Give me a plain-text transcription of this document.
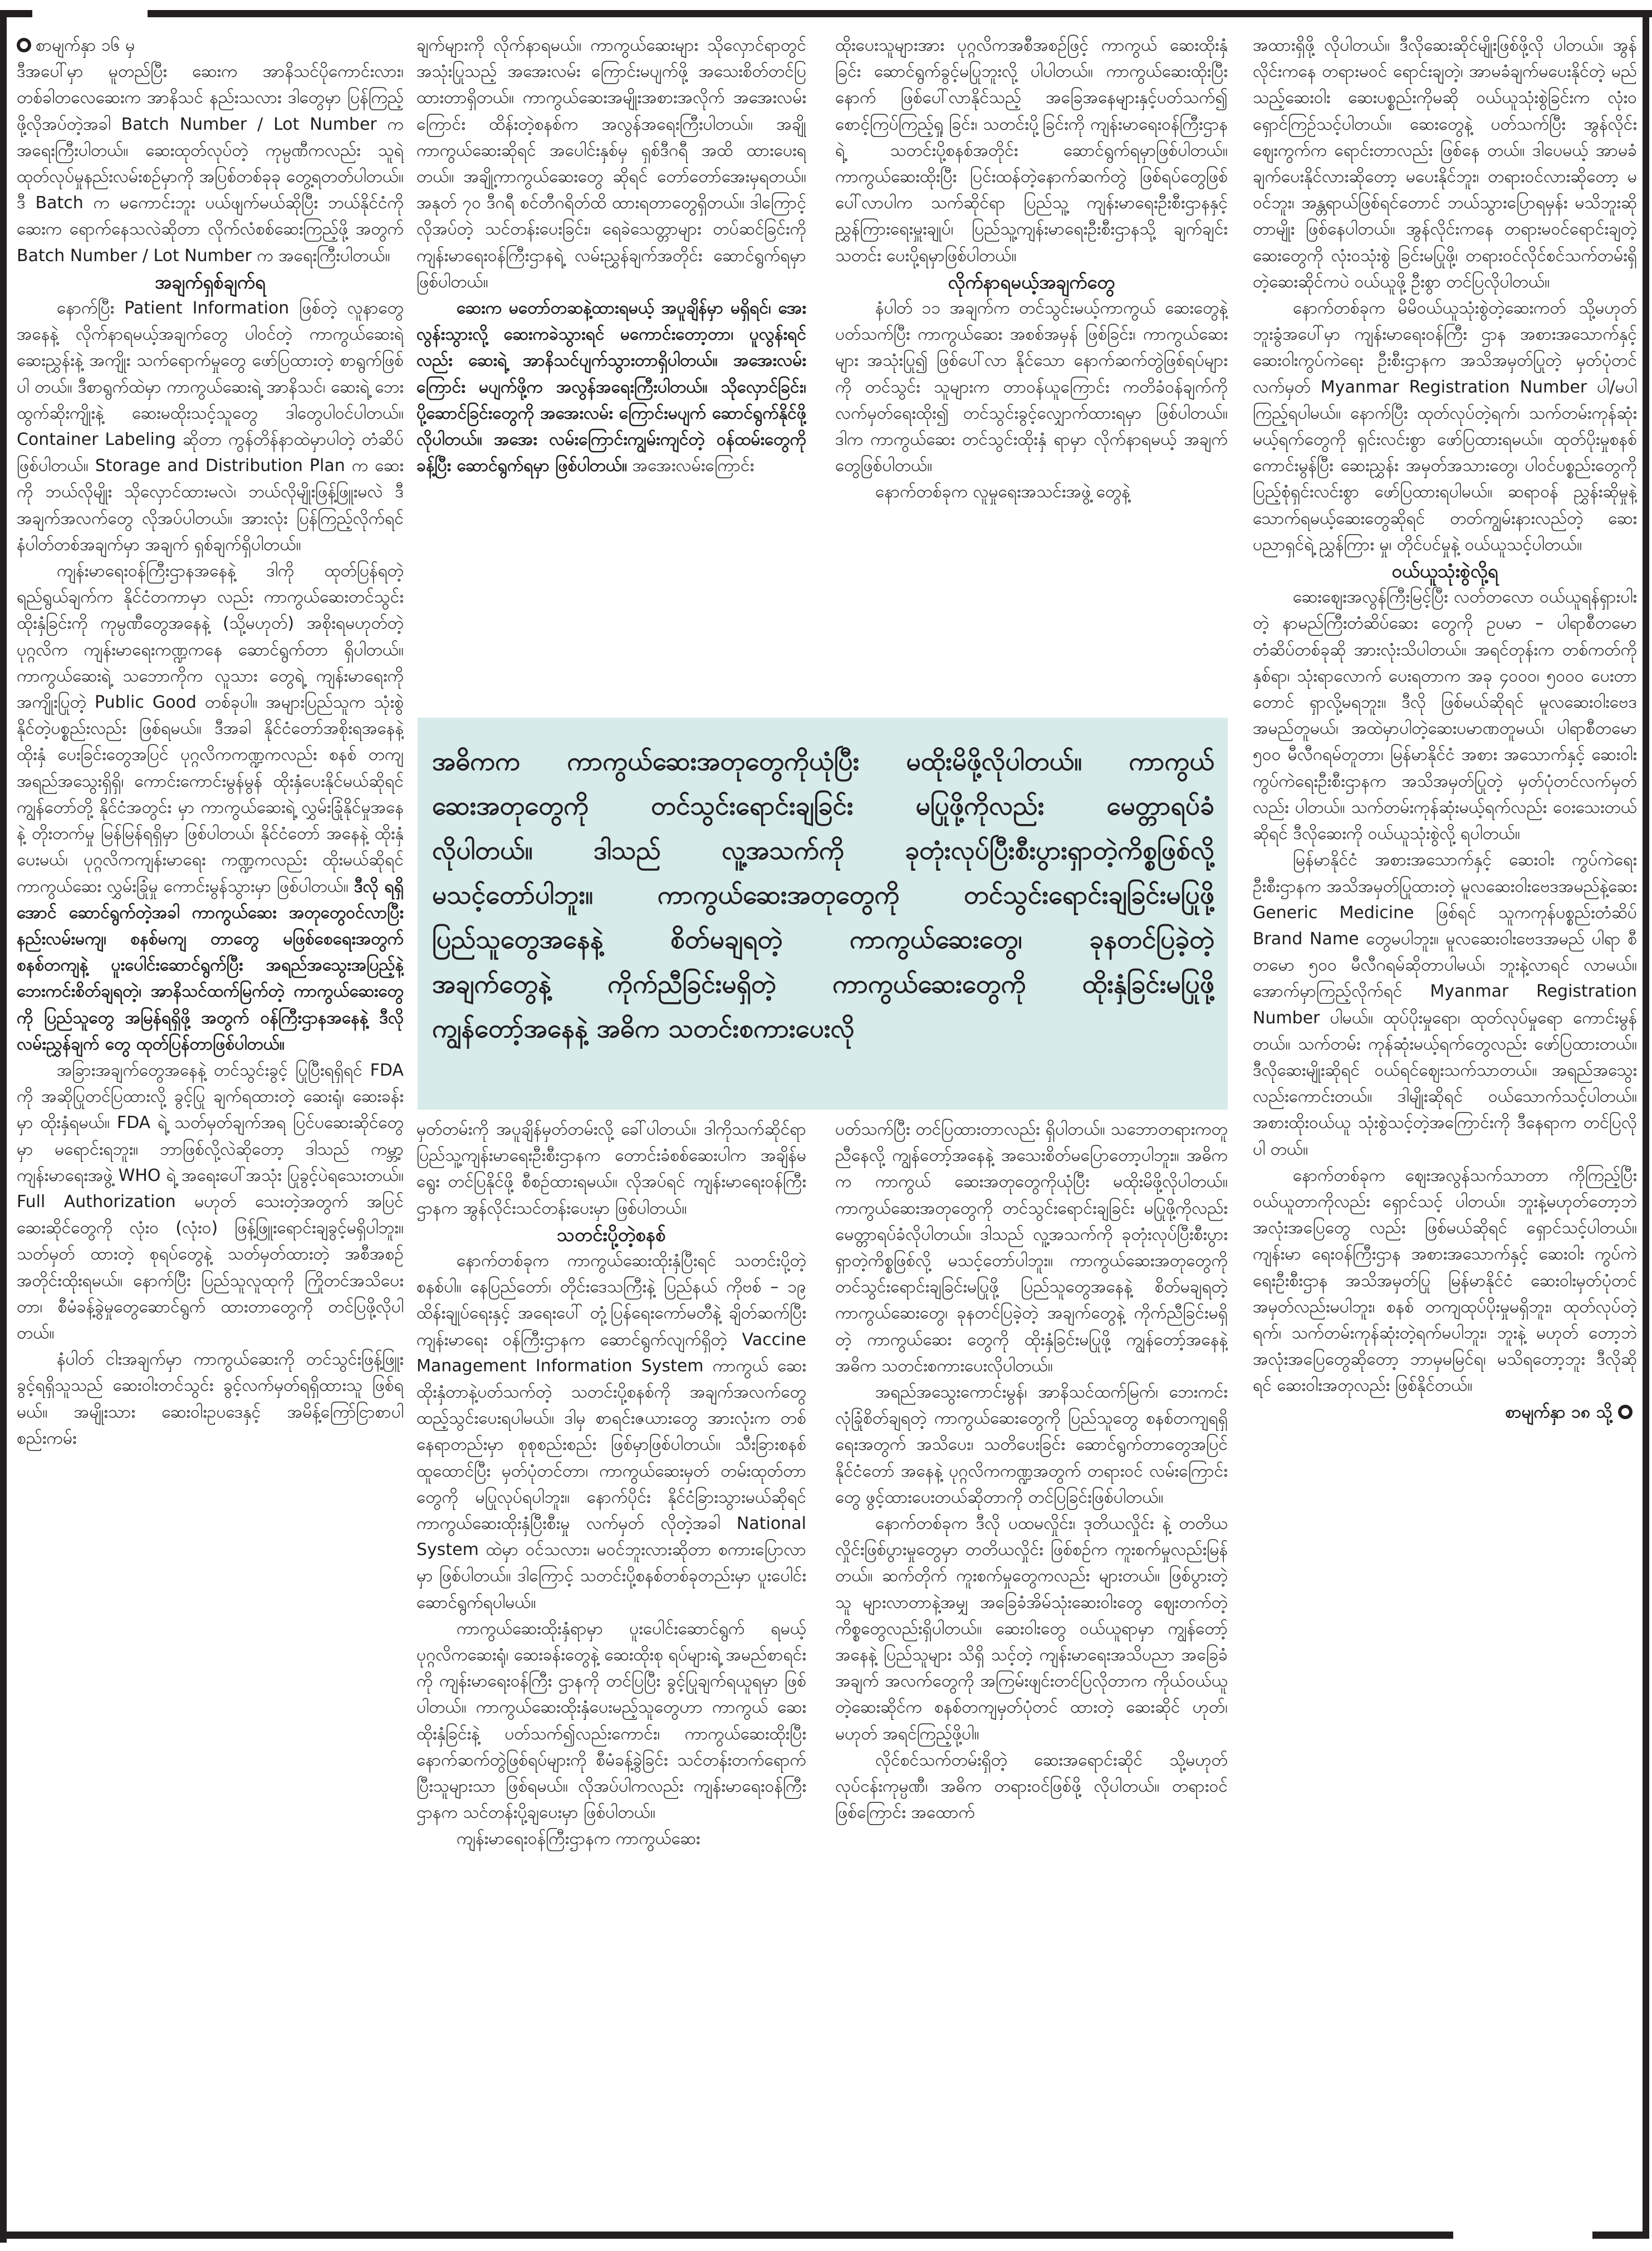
စာမျက်နှာ ၁၆ မှ

ဒီအပေါ်မှာ မူတည်ပြီး ဆေးက အာနိသင်ပိုကောင်းလား၊ တစ်ခါတလေဆေးက အာနိသင် နည်းသလား ဒါတွေမှာ ပြန်ကြည့်ဖို့လိုအပ်တဲ့အခါ Batch Number / Lot Number က အရေးကြီးပါတယ်။ ဆေးထုတ်လုပ်တဲ့ ကုမ္ပဏီကလည်း သူရဲ့ ထုတ်လုပ်မှုနည်းလမ်းစဉ်မှာကို အပြစ်တစ်ခုခု တွေ့ရတတ်ပါတယ်။ ဒီ Batch က မကောင်းဘူး ပယ်ဖျက်မယ်ဆိုပြီး ဘယ်နိုင်ငံကို ဆေးက ရောက်နေသလဲဆိုတာ လိုက်လံစစ်ဆေးကြည့်ဖို့ အတွက် Batch Number / Lot Number က အရေးကြီးပါတယ်။

အချက်ရှစ်ချက်ရ

နောက်ပြီး Patient Information ဖြစ်တဲ့ လူနာတွေအနေနဲ့ လိုက်နာရမယ့်အချက်တွေ ပါဝင်တဲ့ ကာကွယ်ဆေးရဲ့ ဆေးညွှန်းနဲ့ အကျိုး သက်ရောက်မှုတွေ ဖော်ပြထားတဲ့ စာရွက်ဖြစ်ပါ တယ်။ ဒီစာရွက်ထဲမှာ ကာကွယ်ဆေးရဲ့ အာနိသင်၊ ဆေးရဲ့ ဘေးထွက်ဆိုးကျိုးနဲ့ ဆေးမထိုးသင့်သူတွေ ဒါတွေပါဝင်ပါတယ်။ Container Labeling ဆိုတာ ကွန်တိန်နာထဲမှာပါတဲ့ တံဆိပ်ဖြစ်ပါတယ်။ Storage and Distribution Plan က ဆေးကို ဘယ်လိုမျိုး သိုလှောင်ထားမလဲ၊ ဘယ်လိုမျိုးဖြန့်ဖြူးမလဲ ဒီအချက်အလက်တွေ လိုအပ်ပါတယ်။ အားလုံး ပြန်ကြည့်လိုက်ရင် နံပါတ်တစ်အချက်မှာ အချက် ရှစ်ချက်ရှိပါတယ်။

ကျန်းမာရေးဝန်ကြီးဌာနအနေနဲ့ ဒါကို ထုတ်ပြန်ရတဲ့ရည်ရွယ်ချက်က နိုင်ငံတကာမှာ လည်း ကာကွယ်ဆေးတင်သွင်း ထိုးနှံခြင်းကို ကုမ္ပဏီတွေအနေနဲ့ (သို့မဟုတ်) အစိုးရမဟုတ်တဲ့ ပုဂ္ဂလိက ကျန်းမာရေးကဏ္ဍကနေ ဆောင်ရွက်တာ ရှိပါတယ်။ ကာကွယ်ဆေးရဲ့ သဘောကိုက လူသား တွေရဲ့ ကျန်းမာရေးကို အကျိုးပြုတဲ့ Public Good တစ်ခုပါ။ အများပြည်သူက သုံးစွဲနိုင်တဲ့ပစ္စည်းလည်း ဖြစ်ရမယ်။ ဒီအခါ နိုင်ငံတော်အစိုးရအနေနဲ့ ထိုးနှံ ပေးခြင်းတွေအပြင် ပုဂ္ဂလိကကဏ္ဍကလည်း စနစ် တကျ အရည်အသွေးရှိရှိ၊ ကောင်းကောင်းမွန်မွန် ထိုးနှံပေးနိုင်မယ်ဆိုရင် ကျွန်တော်တို့ နိုင်ငံအတွင်း မှာ ကာကွယ်ဆေးရဲ့ လွှမ်းခြုံနိုင်မှုအနေနဲ့ တိုးတက်မှု မြန်မြန်ရရှိမှာ ဖြစ်ပါတယ်၊ နိုင်ငံတော် အနေနဲ့ ထိုးနှံပေးမယ်၊ ပုဂ္ဂလိကကျန်းမာရေး ကဏ္ဍကလည်း ထိုးမယ်ဆိုရင် ကာကွယ်ဆေး လွှမ်းခြုံမှု ကောင်းမွန်သွားမှာ ဖြစ်ပါတယ်။ ဒီလို ရရှိအောင် ဆောင်ရွက်တဲ့အခါ ကာကွယ်ဆေး အတုတွေဝင်လာပြီး နည်းလမ်းမကျ၊ စနစ်မကျ တာတွေ မဖြစ်စေရေးအတွက် စနစ်တကျနဲ့ ပူးပေါင်းဆောင်ရွက်ပြီး အရည်အသွေးအပြည့်နဲ့ ဘေးကင်းစိတ်ချရတဲ့၊ အာနိသင်ထက်မြက်တဲ့ ကာကွယ်ဆေးတွေကို ပြည်သူတွေ အမြန်ရရှိဖို့ အတွက် ဝန်ကြီးဌာနအနေနဲ့ ဒီလိုလမ်းညွှန်ချက် တွေ ထုတ်ပြန်တာဖြစ်ပါတယ်။

အခြားအချက်တွေအနေနဲ့ တင်သွင်းခွင့် ပြုပြီးရရှိရင် FDA ကို အဆိုပြုတင်ပြထားလို့ ခွင့်ပြု ချက်ရထားတဲ့ ဆေးရုံ၊ ဆေးခန်းမှာ ထိုးနှံရမယ်။ FDA ရဲ့ သတ်မှတ်ချက်အရ ပြင်ပဆေးဆိုင်တွေမှာ မရောင်းရဘူး။ ဘာဖြစ်လို့လဲဆိုတော့ ဒါသည် ကမ္ဘာ့ကျန်းမာရေးအဖွဲ့ WHO ရဲ့ အရေးပေါ်အသုံး ပြုခွင့်ပဲရသေးတယ်။ Full Authorization မဟုတ် သေးတဲ့အတွက် အပြင်ဆေးဆိုင်တွေကို လုံးဝ (လုံးဝ) ဖြန့်ဖြူးရောင်းချခွင့်မရှိပါဘူး။ သတ်မှတ် ထားတဲ့ စုရပ်တွေနဲ့ သတ်မှတ်ထားတဲ့ အစီအစဉ် အတိုင်းထိုးရမယ်။ နောက်ပြီး ပြည်သူလူထုကို ကြိုတင်အသိပေးတာ၊ စီမံခန့်ခွဲမှုတွေဆောင်ရွက် ထားတာတွေကို တင်ပြဖို့လိုပါတယ်။

နံပါတ် ငါးအချက်မှာ ကာကွယ်ဆေးကို တင်သွင်းဖြန့်ဖြူးခွင့်ရရှိသူသည် ဆေးဝါးတင်သွင်း ခွင့်လက်မှတ်ရရှိထားသူ ဖြစ်ရမယ်။ အမျိုးသား ဆေးဝါးဥပဒေနှင့် အမိန့်ကြော်ငြာစာပါ စည်းကမ်း

ချက်များကို လိုက်နာရမယ်။ ကာကွယ်ဆေးများ သိုလှောင်ရာတွင် အသုံးပြုသည့် အအေးလမ်း ကြောင်းမပျက်ဖို့ အသေးစိတ်တင်ပြထားတာရှိတယ်။ ကာကွယ်ဆေးအမျိုးအစားအလိုက် အအေးလမ်း ကြောင်း ထိန်းတဲ့စနစ်က အလွန်အရေးကြီးပါတယ်။ အချို့ ကာကွယ်ဆေးဆိုရင် အပေါင်းနှစ်မှ ရှစ်ဒီဂရီ အထိ ထားပေးရတယ်။ အချို့ကာကွယ်ဆေးတွေ ဆိုရင် တော်တော်အေးမှရတယ်။ အနုတ် ၇၀ ဒီဂရီ စင်တီဂရိတ်ထိ ထားရတာတွေရှိတယ်။ ဒါကြောင့် လိုအပ်တဲ့ သင်တန်းပေးခြင်း၊ ရေခဲသေတ္တာများ တပ်ဆင်ခြင်းကို ကျန်းမာရေးဝန်ကြီးဌာနရဲ့ လမ်းညွှန်ချက်အတိုင်း ဆောင်ရွက်ရမှာဖြစ်ပါတယ်။

ဆေးက မတော်တဆနဲ့ထားရမယ့် အပူချိန်မှာ မရှိရင်၊ အေးလွန်းသွားလို့ ဆေးကခဲသွားရင် မကောင်းတော့တာ၊ ပူလွန်းရင်လည်း ဆေးရဲ့ အာနိသင်ပျက်သွားတာရှိပါတယ်။ အအေးလမ်း ကြောင်း မပျက်ဖို့က အလွန်အရေးကြီးပါတယ်။ သိုလှောင်ခြင်း၊ ပို့ဆောင်ခြင်းတွေကို အအေးလမ်း ကြောင်းမပျက် ဆောင်ရွက်နိုင်ဖို့လိုပါတယ်။ အအေး လမ်းကြောင်းကျွမ်းကျင်တဲ့ ဝန်ထမ်းတွေကို ခန့်ပြီး ဆောင်ရွက်ရမှာ ဖြစ်ပါတယ်။ အအေးလမ်းကြောင်း

ထိုးပေးသူများအား ပုဂ္ဂလိကအစီအစဉ်ဖြင့် ကာကွယ် ဆေးထိုးနှံခြင်း ဆောင်ရွက်ခွင့်မပြုဘူးလို့ ပါပါတယ်။ ကာကွယ်ဆေးထိုးပြီးနောက် ဖြစ်ပေါ်လာနိုင်သည့် အခြေအနေများနှင့်ပတ်သက်၍ စောင့်ကြပ်ကြည့်ရှု ခြင်း၊ သတင်းပို့ခြင်းကို ကျန်းမာရေးဝန်ကြီးဌာနရဲ့ သတင်းပို့စနစ်အတိုင်း ဆောင်ရွက်ရမှာဖြစ်ပါတယ်။ ကာကွယ်ဆေးထိုးပြီး ပြင်းထန်တဲ့နောက်ဆက်တွဲ ဖြစ်ရပ်တွေဖြစ်ပေါ်လာပါက သက်ဆိုင်ရာ ပြည်သူ့ ကျန်းမာရေးဦးစီးဌာနနှင့် ညွှန်ကြားရေးမှူးချုပ်၊ ပြည်သူ့ကျန်းမာရေးဦးစီးဌာနသို့ ချက်ချင်းသတင်း ပေးပို့ရမှာဖြစ်ပါတယ်။

လိုက်နာရမယ့်အချက်တွေ

နံပါတ် ၁၁ အချက်က တင်သွင်းမယ့်ကာကွယ် ဆေးတွေနဲ့ပတ်သက်ပြီး ကာကွယ်ဆေး အစစ်အမှန် ဖြစ်ခြင်း၊ ကာကွယ်ဆေးများ အသုံးပြု၍ ဖြစ်ပေါ်လာ နိုင်သော နောက်ဆက်တွဲဖြစ်ရပ်များကို တင်သွင်း သူများက တာဝန်ယူကြောင်း ကတိခံဝန်ချက်ကို လက်မှတ်ရေးထိုး၍ တင်သွင်းခွင့်လျှောက်ထားရမှာ ဖြစ်ပါတယ်။ ဒါက ကာကွယ်ဆေး တင်သွင်းထိုးနှံ ရာမှာ လိုက်နာရမယ့် အချက်တွေဖြစ်ပါတယ်။

နောက်တစ်ခုက လူမှုရေးအသင်းအဖွဲ့ တွေနဲ့

အဓိကက ကာကွယ်ဆေးအတုတွေကိုယုံပြီး မထိုးမိဖို့လိုပါတယ်။ ကာကွယ်

ဆေးအတုတွေကို တင်သွင်းရောင်းချခြင်း မပြုဖို့ကိုလည်း မေတ္တာရပ်ခံ

လိုပါတယ်။ ဒါသည် လူ့အသက်ကို ခုတုံးလုပ်ပြီးစီးပွားရှာတဲ့ကိစ္စဖြစ်လို့

မသင့်တော်ပါဘူး။ ကာကွယ်ဆေးအတုတွေကို တင်သွင်းရောင်းချခြင်းမပြုဖို့

ပြည်သူတွေအနေနဲ့ စိတ်မချရတဲ့ ကာကွယ်ဆေးတွေ၊ ခုနတင်ပြခဲ့တဲ့

အချက်တွေနဲ့ ကိုက်ညီခြင်းမရှိတဲ့ ကာကွယ်ဆေးတွေကို ထိုးနှံခြင်းမပြုဖို့

ကျွန်တော့်အနေနဲ့ အဓိက သတင်းစကားပေးလို

မှတ်တမ်းကို အပူချိန်မှတ်တမ်းလို့ ခေါ်ပါတယ်။ ဒါကိုသက်ဆိုင်ရာ ပြည်သူ့ကျန်းမာရေးဦးစီးဌာနက တောင်းခံစစ်ဆေးပါက အချိန်မရွေး တင်ပြနိုင်ဖို့ စီစဉ်ထားရမယ်။ လိုအပ်ရင် ကျန်းမာရေးဝန်ကြီး ဌာနက အွန်လိုင်းသင်တန်းပေးမှာ ဖြစ်ပါတယ်။

သတင်းပို့တဲ့စနစ်

နောက်တစ်ခုက ကာကွယ်ဆေးထိုးနှံပြီးရင် သတင်းပို့တဲ့ စနစ်ပါ။ နေပြည်တော်၊ တိုင်းဒေသကြီးနဲ့ ပြည်နယ် ကိုဗစ် – ၁၉ ထိန်းချုပ်ရေးနှင့် အရေးပေါ် တုံ့ပြန်ရေးကော်မတီနဲ့ ချိတ်ဆက်ပြီး ကျန်းမာရေး ဝန်ကြီးဌာနက ဆောင်ရွက်လျက်ရှိတဲ့ Vaccine Management Information System ကာကွယ် ဆေးထိုးနှံတာနဲ့ပတ်သက်တဲ့ သတင်းပို့စနစ်ကို အချက်အလက်တွေ ထည့်သွင်းပေးရပါမယ်။ ဒါမှ စာရင်းဇယားတွေ အားလုံးက တစ်နေရာတည်းမှာ စုစုစည်းစည်း ဖြစ်မှာဖြစ်ပါတယ်။ သီးခြားစနစ် ထူထောင်ပြီး မှတ်ပုံတင်တာ၊ ကာကွယ်ဆေးမှတ် တမ်းထုတ်တာတွေကို မပြုလုပ်ရပါဘူး။ နောက်ပိုင်း နိုင်ငံခြားသွားမယ်ဆိုရင် ကာကွယ်ဆေးထိုးနှံပြီးစီးမှု လက်မှတ် လိုတဲ့အခါ National System ထဲမှာ ဝင်သလား၊ မဝင်ဘူးလားဆိုတာ စကားပြောလာမှာ ဖြစ်ပါတယ်။ ဒါကြောင့် သတင်းပို့စနစ်တစ်ခုတည်းမှာ ပူးပေါင်းဆောင်ရွက်ရပါမယ်။

ကာကွယ်ဆေးထိုးနှံရာမှာ ပူးပေါင်းဆောင်ရွက် ရမယ့် ပုဂ္ဂလိကဆေးရုံ၊ ဆေးခန်းတွေနဲ့ ဆေးထိုးစု ရပ်များရဲ့ အမည်စာရင်းကို ကျန်းမာရေးဝန်ကြီး ဌာနကို တင်ပြပြီး ခွင့်ပြုချက်ရယူရမှာ ဖြစ်ပါတယ်။ ကာကွယ်ဆေးထိုးနှံပေးမည့်သူတွေဟာ ကာကွယ် ဆေးထိုးနှံခြင်းနဲ့ ပတ်သက်၍လည်းကောင်း၊ ကာကွယ်ဆေးထိုးပြီး နောက်ဆက်တွဲဖြစ်ရပ်များကို စီမံခန့်ခွဲခြင်း သင်တန်းတက်ရောက်ပြီးသူများသာ ဖြစ်ရမယ်။ လိုအပ်ပါကလည်း ကျန်းမာရေးဝန်ကြီး ဌာနက သင်တန်းပို့ချပေးမှာ ဖြစ်ပါတယ်။

ကျန်းမာရေးဝန်ကြီးဌာနက ကာကွယ်ဆေး

ပတ်သက်ပြီး တင်ပြထားတာလည်း ရှိပါတယ်။ သဘောတရားကတူညီနေလို့ ကျွန်တော့်အနေနဲ့ အသေးစိတ်မပြောတော့ပါဘူး။ အဓိကက ကာကွယ် ဆေးအတုတွေကိုယုံပြီး မထိုးမိဖို့လိုပါတယ်။ ကာကွယ်ဆေးအတုတွေကို တင်သွင်းရောင်းချခြင်း မပြုဖို့ကိုလည်း မေတ္တာရပ်ခံလိုပါတယ်။ ဒါသည် လူ့အသက်ကို ခုတုံးလုပ်ပြီးစီးပွားရှာတဲ့ကိစ္စဖြစ်လို့ မသင့်တော်ပါဘူး။ ကာကွယ်ဆေးအတုတွေကို တင်သွင်းရောင်းချခြင်းမပြုဖို့ ပြည်သူတွေအနေနဲ့ စိတ်မချရတဲ့ ကာကွယ်ဆေးတွေ၊ ခုနတင်ပြခဲ့တဲ့ အချက်တွေနဲ့ ကိုက်ညီခြင်းမရှိတဲ့ ကာကွယ်ဆေး တွေကို ထိုးနှံခြင်းမပြုဖို့ ကျွန်တော့်အနေနဲ့ အဓိက သတင်းစကားပေးလိုပါတယ်။

အရည်အသွေးကောင်းမွန်၊ အာနိသင်ထက်မြက်၊ ဘေးကင်းလုံခြုံစိတ်ချရတဲ့ ကာကွယ်ဆေးတွေကို ပြည်သူတွေ စနစ်တကျရရှိရေးအတွက် အသိပေး၊ သတိပေးခြင်း ဆောင်ရွက်တာတွေအပြင် နိုင်ငံတော် အနေနဲ့ ပုဂ္ဂလိကကဏ္ဍအတွက် တရားဝင် လမ်းကြောင်းတွေ ဖွင့်ထားပေးတယ်ဆိုတာကို တင်ပြခြင်းဖြစ်ပါတယ်။

နောက်တစ်ခုက ဒီလို ပထမလှိုင်း၊ ဒုတိယလှိုင်း နဲ့ တတိယလှိုင်းဖြစ်ပွားမှုတွေမှာ တတိယလှိုင်း ဖြစ်စဉ်က ကူးစက်မှုလည်းမြန်တယ်။ ဆက်တိုက် ကူးစက်မှုတွေကလည်း များတယ်။ ဖြစ်ပွားတဲ့သူ များလာတာနဲ့အမျှ အခြေခံအိမ်သုံးဆေးဝါးတွေ ဈေးတက်တဲ့ ကိစ္စတွေလည်းရှိပါတယ်။ ဆေးဝါးတွေ ဝယ်ယူရာမှာ ကျွန်တော့်အနေနဲ့ ပြည်သူများ သိရှိ သင့်တဲ့ ကျန်းမာရေးအသိပညာ အခြေခံအချက် အလက်တွေကို အကြမ်းဖျင်းတင်ပြလိုတာက ကိုယ်ဝယ်ယူတဲ့ဆေးဆိုင်က စနစ်တကျမှတ်ပုံတင် ထားတဲ့ ဆေးဆိုင် ဟုတ်၊ မဟုတ် အရင်ကြည့်ဖို့ပါ။

လိုင်စင်သက်တမ်းရှိတဲ့ ဆေးအရောင်းဆိုင် သို့မဟုတ် လုပ်ငန်းကုမ္ပဏီ၊ အဓိက တရားဝင်ဖြစ်ဖို့ လိုပါတယ်။ တရားဝင်ဖြစ်ကြောင်း အထောက်

အထားရှိဖို့ လိုပါတယ်။ ဒီလိုဆေးဆိုင်မျိုးဖြစ်ဖို့လို ပါတယ်။ အွန်လိုင်းကနေ တရားမဝင် ရောင်းချတဲ့၊ အာမခံချက်မပေးနိုင်တဲ့ မည်သည့်ဆေးဝါး ဆေးပစ္စည်းကိုမဆို ဝယ်ယူသုံးစွဲခြင်းက လုံးဝ ရှောင်ကြဉ်သင့်ပါတယ်။ ဆေးတွေနဲ့ ပတ်သက်ပြီး အွန်လိုင်းဈေးကွက်က ရောင်းတာလည်း ဖြစ်နေ တယ်။ ဒါပေမယ့် အာမခံချက်ပေးနိုင်လားဆိုတော့ မပေးနိုင်ဘူး၊ တရားဝင်လားဆိုတော့ မဝင်ဘူး၊ အန္တရာယ်ဖြစ်ရင်တောင် ဘယ်သွားပြောရမှန်း မသိဘူးဆိုတာမျိုး ဖြစ်နေပါတယ်။ အွန်လိုင်းကနေ တရားမဝင်ရောင်းချတဲ့ ဆေးတွေကို လုံးဝသုံးစွဲ ခြင်းမပြုဖို့၊ တရားဝင်လိုင်စင်သက်တမ်းရှိ တဲ့ဆေးဆိုင်ကပဲ ဝယ်ယူဖို့ ဦးစွာ တင်ပြလိုပါတယ်။

နောက်တစ်ခုက မိမိဝယ်ယူသုံးစွဲတဲ့ဆေးကတ် သို့မဟုတ် ဘူးခွံအပေါ်မှာ ကျန်းမာရေးဝန်ကြီး ဌာန အစားအသောက်နှင့် ဆေးဝါးကွပ်ကဲရေး ဦးစီးဌာနက အသိအမှတ်ပြုတဲ့ မှတ်ပုံတင်လက်မှတ် Myanmar Registration Number ပါ/မပါ ကြည့်ရပါမယ်။ နောက်ပြီး ထုတ်လုပ်တဲ့ရက်၊ သက်တမ်းကုန်ဆုံးမယ့်ရက်တွေကို ရှင်းလင်းစွာ ဖော်ပြထားရမယ်။ ထုတ်ပိုးမှုစနစ် ကောင်းမွန်ပြီး ဆေးညွှန်း အမှတ်အသားတွေ၊ ပါဝင်ပစ္စည်းတွေကို ပြည့်စုံရှင်းလင်းစွာ ဖော်ပြထားရပါမယ်။ ဆရာဝန် ညွှန်းဆိုမှုနဲ့ သောက်ရမယ့်ဆေးတွေဆိုရင် တတ်ကျွမ်းနားလည်တဲ့ ဆေးပညာရှင်ရဲ့ ညွှန်ကြား မှု၊ တိုင်ပင်မှုနဲ့ ဝယ်ယူသင့်ပါတယ်။

ဝယ်ယူသုံးစွဲလို့ရ

ဆေးဈေးအလွန်ကြီးမြင့်ပြီး လတ်တလော ဝယ်ယူရန်ရှားပါးတဲ့ နာမည်ကြီးတံဆိပ်ဆေး တွေကို ဥပမာ – ပါရာစီတမောတံဆိပ်တစ်ခုဆို အားလုံးသိပါတယ်။ အရင်တုန်းက တစ်ကတ်ကို နှစ်ရာ၊ သုံးရာလောက် ပေးရတာက အခု ၄၀၀၀၊ ၅၀၀၀ ပေးတာတောင် ရှာလို့မရဘူး။ ဒီလို ဖြစ်မယ်ဆိုရင် မူလဆေးဝါးဗေဒအမည်တူမယ်၊ အထဲမှာပါတဲ့ဆေးပမာဏတူမယ်၊ ပါရာစီတမော ၅၀၀ မီလီဂရမ်တူတာ၊ မြန်မာနိုင်ငံ အစား အသောက်နှင့် ဆေးဝါးကွပ်ကဲရေးဦးစီးဌာနက အသိအမှတ်ပြုတဲ့ မှတ်ပုံတင်လက်မှတ်လည်း ပါတယ်။ သက်တမ်းကုန်ဆုံးမယ့်ရက်လည်း ဝေးသေးတယ်ဆိုရင် ဒီလိုဆေးကို ဝယ်ယူသုံးစွဲလို့ ရပါတယ်။

မြန်မာနိုင်ငံ အစားအသောက်နှင့် ဆေးဝါး ကွပ်ကဲရေးဦးစီးဌာနက အသိအမှတ်ပြုထားတဲ့ မူလဆေးဝါးဗေဒအမည်နဲ့ဆေး Generic Medicine ဖြစ်ရင် သူကကုန်ပစ္စည်းတံဆိပ် Brand Name တွေမပါဘူး။ မူလဆေးဝါးဗေဒအမည် ပါရာ စီတမော ၅၀၀ မီလီဂရမ်ဆိုတာပါမယ်၊ ဘူးနဲ့လာရင် လာမယ်။ အောက်မှာကြည့်လိုက်ရင် Myanmar Registration Number ပါမယ်။ ထုပ်ပိုးမှုရော၊ ထုတ်လုပ်မှုရော ကောင်းမွန်တယ်။ သက်တမ်း ကုန်ဆုံးမယ့်ရက်တွေလည်း ဖော်ပြထားတယ်။ ဒီလိုဆေးမျိုးဆိုရင် ဝယ်ရင်ဈေးသက်သာတယ်။ အရည်အသွေးလည်းကောင်းတယ်။ ဒါမျိုးဆိုရင် ဝယ်သောက်သင့်ပါတယ်။ အစားထိုးဝယ်ယူ သုံးစွဲသင့်တဲ့အကြောင်းကို ဒီနေရာက တင်ပြလိုပါ တယ်။

နောက်တစ်ခုက ဈေးအလွန်သက်သာတာ ကိုကြည့်ပြီး ဝယ်ယူတာကိုလည်း ရှောင်သင့် ပါတယ်။ ဘူးနဲ့မဟုတ်တော့ဘဲ အလုံးအပြေတွေ လည်း ဖြစ်မယ်ဆိုရင် ရှောင်သင့်ပါတယ်။ ကျန်းမာ ရေးဝန်ကြီးဌာန အစားအသောက်နှင့် ဆေးဝါး ကွပ်ကဲရေးဦးစီးဌာန အသိအမှတ်ပြု မြန်မာနိုင်ငံ ဆေးဝါးမှတ်ပုံတင်အမှတ်လည်းမပါဘူး၊ စနစ် တကျထုပ်ပိုးမှုမရှိဘူး၊ ထုတ်လုပ်တဲ့ရက်၊ သက်တမ်းကုန်ဆုံးတဲ့ရက်မပါဘူး၊ ဘူးနဲ့ မဟုတ် တော့ဘဲ အလုံးအပြေတွေဆိုတော့ ဘာမှမမြင်ရ၊ မသိရတော့ဘူး ဒီလိုဆိုရင် ဆေးဝါးအတုလည်း ဖြစ်နိုင်တယ်။

စာမျက်နှာ ၁၈ သို့
